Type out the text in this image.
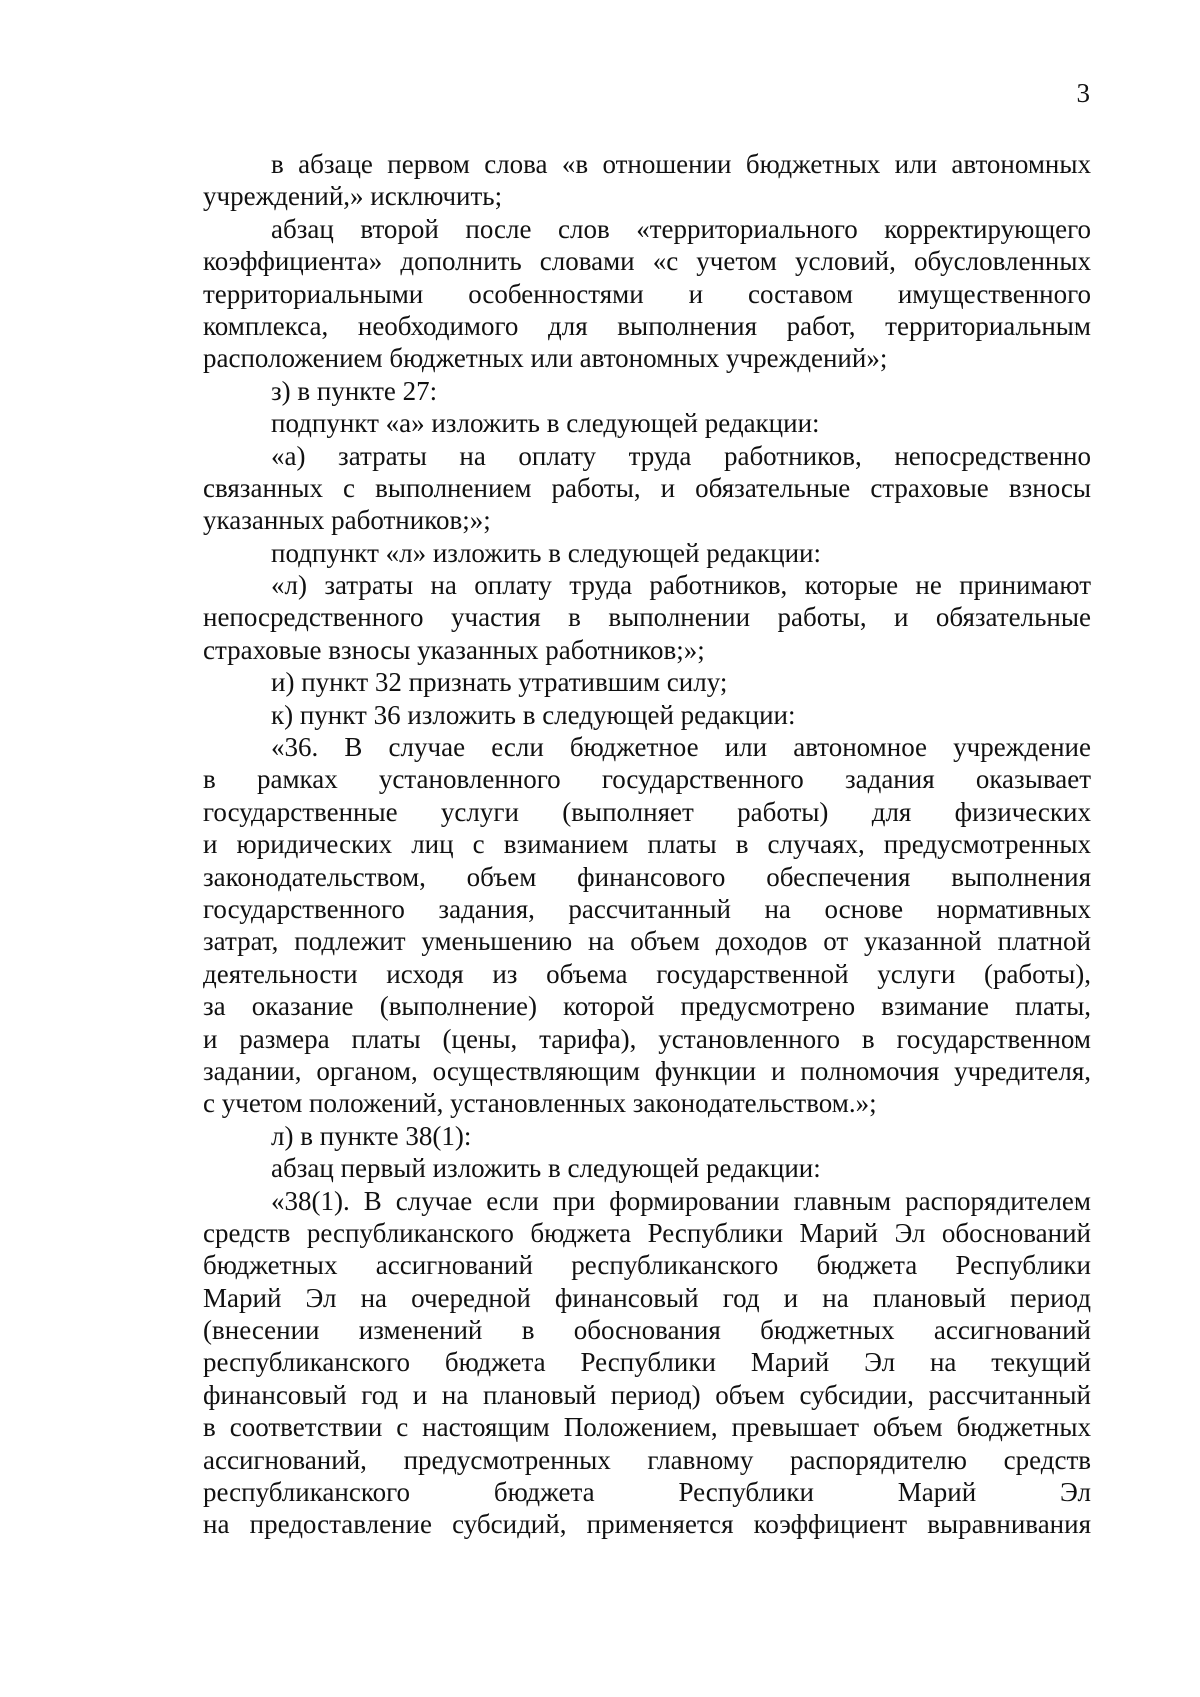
3
в абзаце первом слова «в отношении бюджетных или автономных
учреждений,» исключить;
абзац второй после слов «территориального корректирующего
коэффициента» дополнить словами «с учетом условий, обусловленных
территориальными особенностями и составом имущественного
комплекса, необходимого для выполнения работ, территориальным
расположением бюджетных или автономных учреждений»;
з) в пункте 27:
подпункт «а» изложить в следующей редакции:
«а) затраты на оплату труда работников, непосредственно
связанных с выполнением работы, и обязательные страховые взносы
указанных работников;»;
подпункт «л» изложить в следующей редакции:
«л) затраты на оплату труда работников, которые не принимают
непосредственного участия в выполнении работы, и обязательные
страховые взносы указанных работников;»;
и) пункт 32 признать утратившим силу;
к) пункт 36 изложить в следующей редакции:
«36. В случае если бюджетное или автономное учреждение
в рамках установленного государственного задания оказывает
государственные услуги (выполняет работы) для физических
и юридических лиц с взиманием платы в случаях, предусмотренных
законодательством, объем финансового обеспечения выполнения
государственного задания, рассчитанный на основе нормативных
затрат, подлежит уменьшению на объем доходов от указанной платной
деятельности исходя из объема государственной услуги (работы),
за оказание (выполнение) которой предусмотрено взимание платы,
и размера платы (цены, тарифа), установленного в государственном
задании, органом, осуществляющим функции и полномочия учредителя,
с учетом положений, установленных законодательством.»;
л) в пункте 38(1):
абзац первый изложить в следующей редакции:
«38(1). В случае если при формировании главным распорядителем
средств республиканского бюджета Республики Марий Эл обоснований
бюджетных ассигнований республиканского бюджета Республики
Марий Эл на очередной финансовый год и на плановый период
(внесении изменений в обоснования бюджетных ассигнований
республиканского бюджета Республики Марий Эл на текущий
финансовый год и на плановый период) объем субсидии, рассчитанный
в соответствии с настоящим Положением, превышает объем бюджетных
ассигнований, предусмотренных главному распорядителю средств
республиканского бюджета Республики Марий Эл
на предоставление субсидий, применяется коэффициент выравнивания
